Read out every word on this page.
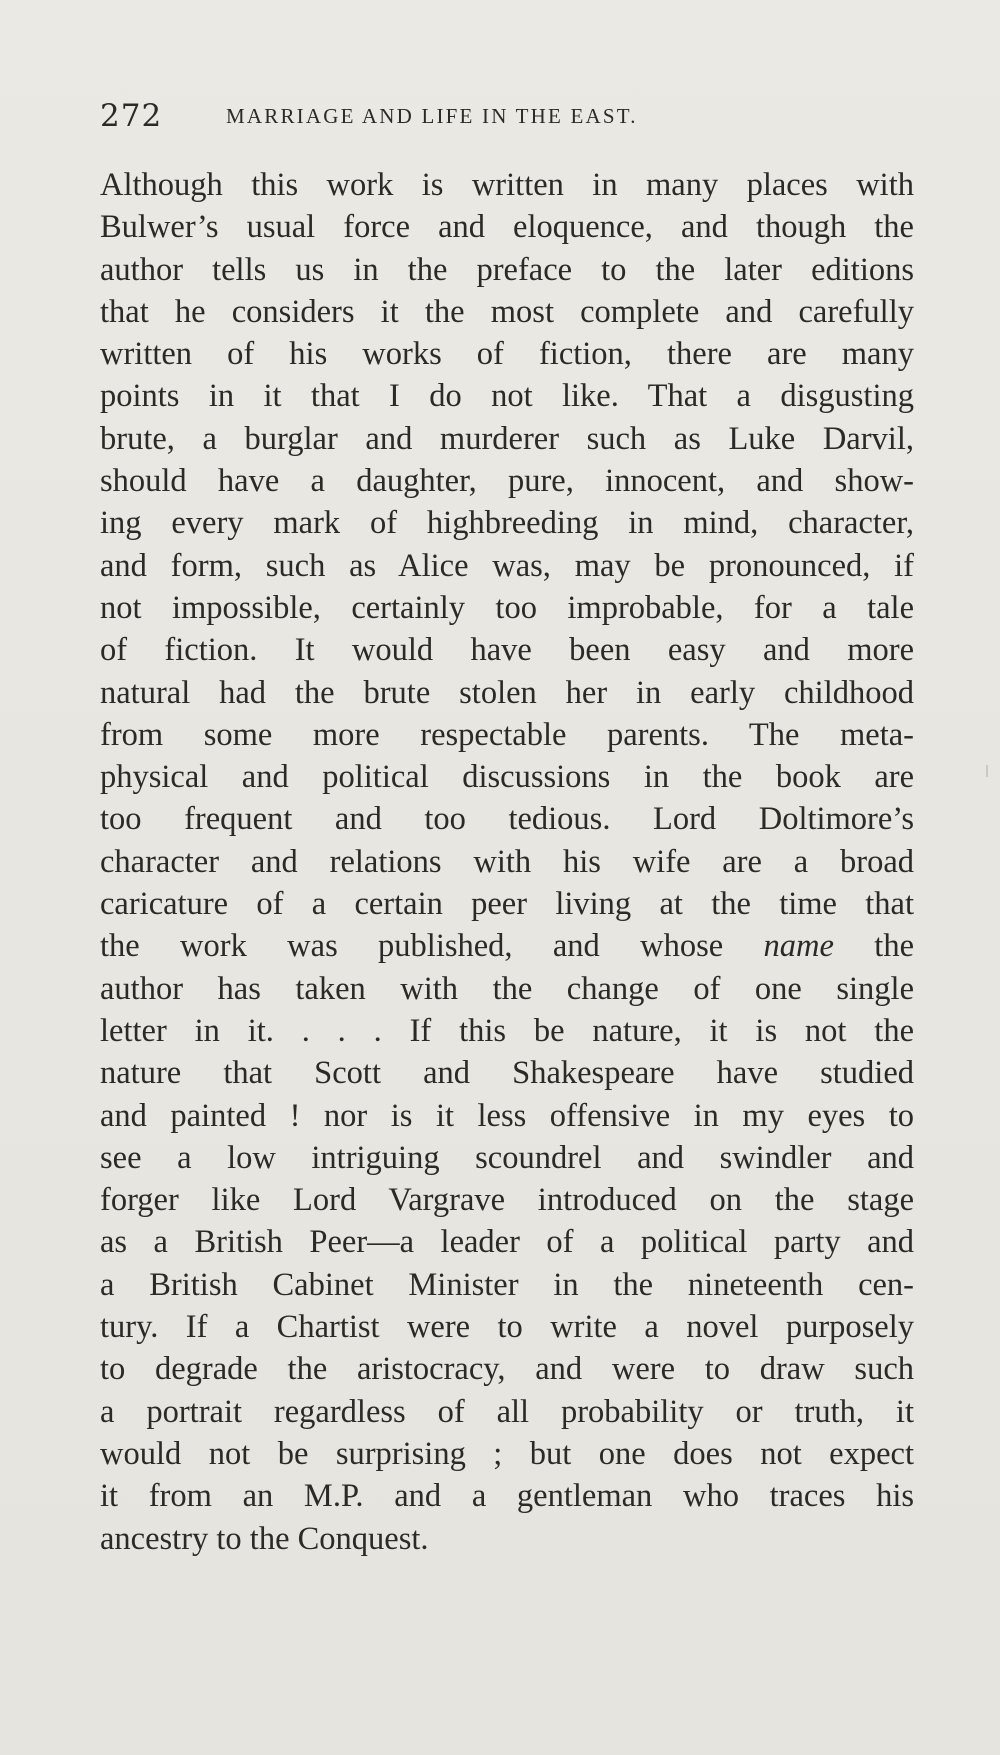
272	MARRIAGE AND LIFE IN THE EAST.
Although this work is written in many places with
Bulwer’s usual force and eloquence, and though the
author tells us in the preface to the later editions
that he considers it the most complete and carefully
written of his works of fiction, there are many
points in it that I do not like. That a disgusting
brute, a burglar and murderer such as Luke Darvil,
should have a daughter, pure, innocent, and show-
ing every mark of highbreeding in mind, character,
and form, such as Alice was, may be pronounced, if
not impossible, certainly too improbable, for a tale
of fiction. It would have been easy and more
natural had the brute stolen her in early childhood
from some more respectable parents. The meta-
physical and political discussions in the book are
too frequent and too tedious. Lord Doltimore’s
character and relations with his wife are a broad
caricature of a certain peer living at the time that
the work was published, and whose name the
author has taken with the change of one single
letter in it. . . . If this be nature, it is not the
nature that Scott and Shakespeare have studied
and painted ! nor is it less offensive in my eyes to
see a low intriguing scoundrel and swindler and
forger like Lord Vargrave introduced on the stage
as a British Peer—a leader of a political party and
a British Cabinet Minister in the nineteenth cen-
tury. If a Chartist were to write a novel purposely
to degrade the aristocracy, and were to draw such
a portrait regardless of all probability or truth, it
would not be surprising ; but one does not expect
it from an M.P. and a gentleman who traces his
ancestry to the Conquest.
